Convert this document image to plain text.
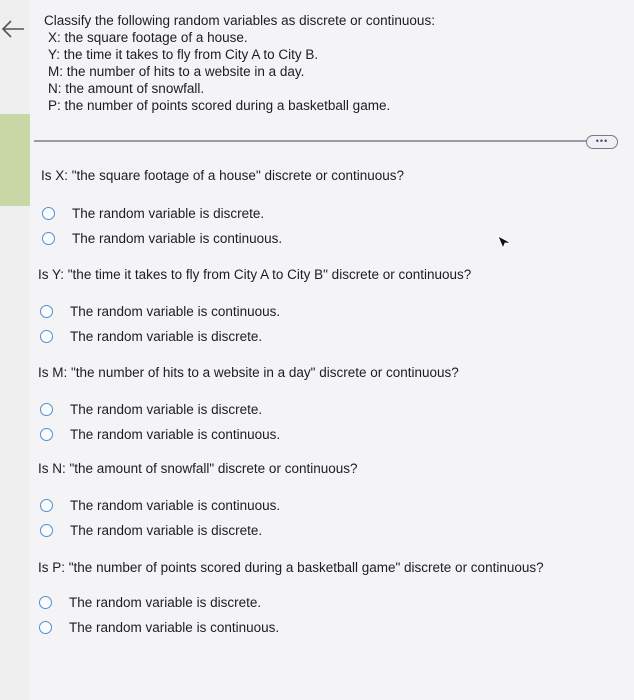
Classify the following random variables as discrete or continuous:
X: the square footage of a house.
Y: the time it takes to fly from City A to City B.
M: the number of hits to a website in a day.
N: the amount of snowfall.
P: the number of points scored during a basketball game.
•••
Is X: "the square footage of a house" discrete or continuous?
The random variable is discrete.
The random variable is continuous.
Is Y: "the time it takes to fly from City A to City B" discrete or continuous?
The random variable is continuous.
The random variable is discrete.
Is M: "the number of hits to a website in a day" discrete or continuous?
The random variable is discrete.
The random variable is continuous.
Is N: "the amount of snowfall" discrete or continuous?
The random variable is continuous.
The random variable is discrete.
Is P: "the number of points scored during a basketball game" discrete or continuous?
The random variable is discrete.
The random variable is continuous.
